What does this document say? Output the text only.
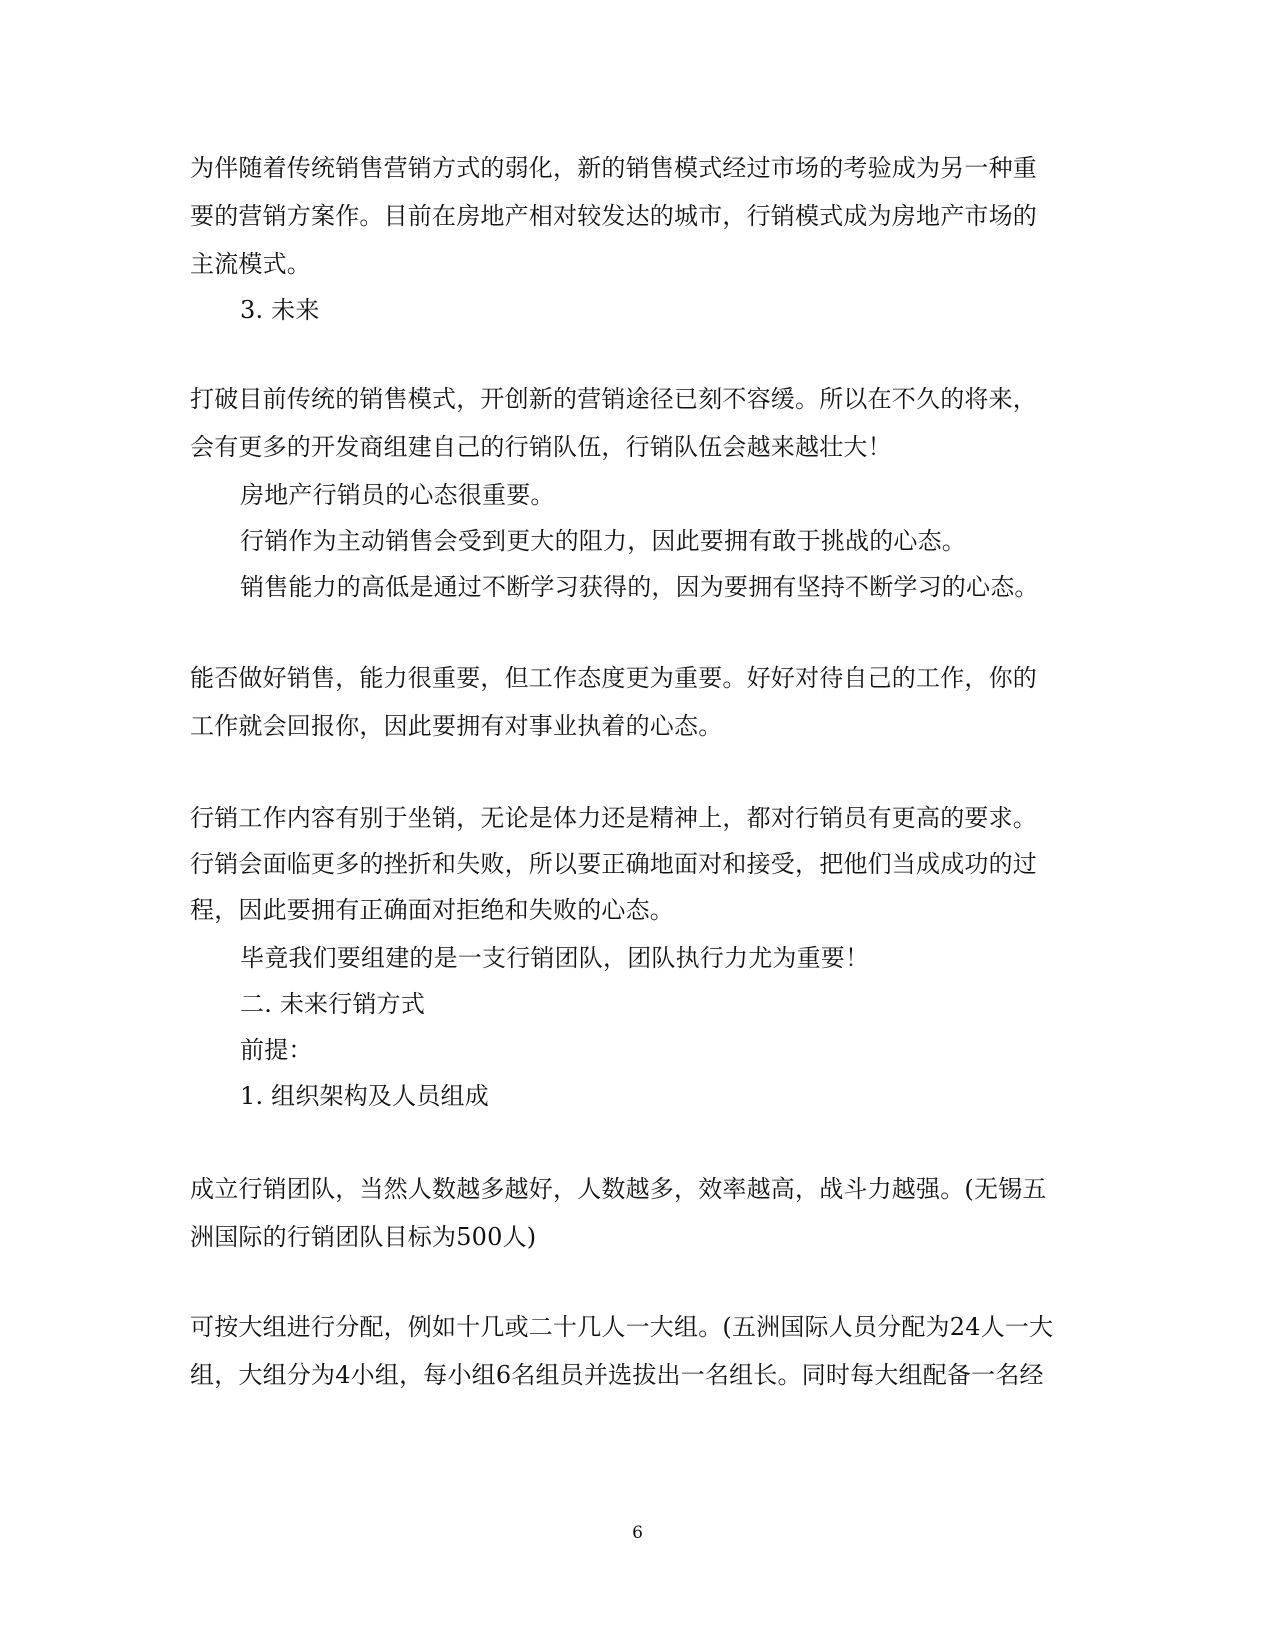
为伴随着传统销售营销方式的弱化，新的销售模式经过市场的考验成为另一种重
要的营销方案作。目前在房地产相对较发达的城市，行销模式成为房地产市场的
主流模式。
3. 未来
打破目前传统的销售模式，开创新的营销途径已刻不容缓。所以在不久的将来，
会有更多的开发商组建自己的行销队伍，行销队伍会越来越壮大！
房地产行销员的心态很重要。
行销作为主动销售会受到更大的阻力，因此要拥有敢于挑战的心态。
销售能力的高低是通过不断学习获得的，因为要拥有坚持不断学习的心态。
能否做好销售，能力很重要，但工作态度更为重要。好好对待自己的工作，你的
工作就会回报你，因此要拥有对事业执着的心态。
行销工作内容有别于坐销，无论是体力还是精神上，都对行销员有更高的要求。
行销会面临更多的挫折和失败，所以要正确地面对和接受，把他们当成成功的过
程，因此要拥有正确面对拒绝和失败的心态。
毕竟我们要组建的是一支行销团队，团队执行力尤为重要！
二. 未来行销方式
前提：
1. 组织架构及人员组成
成立行销团队，当然人数越多越好，人数越多，效率越高，战斗力越强。(无锡五
洲国际的行销团队目标为500人)
可按大组进行分配，例如十几或二十几人一大组。(五洲国际人员分配为24人一大
组，大组分为4小组，每小组6名组员并选拔出一名组长。同时每大组配备一名经
6
